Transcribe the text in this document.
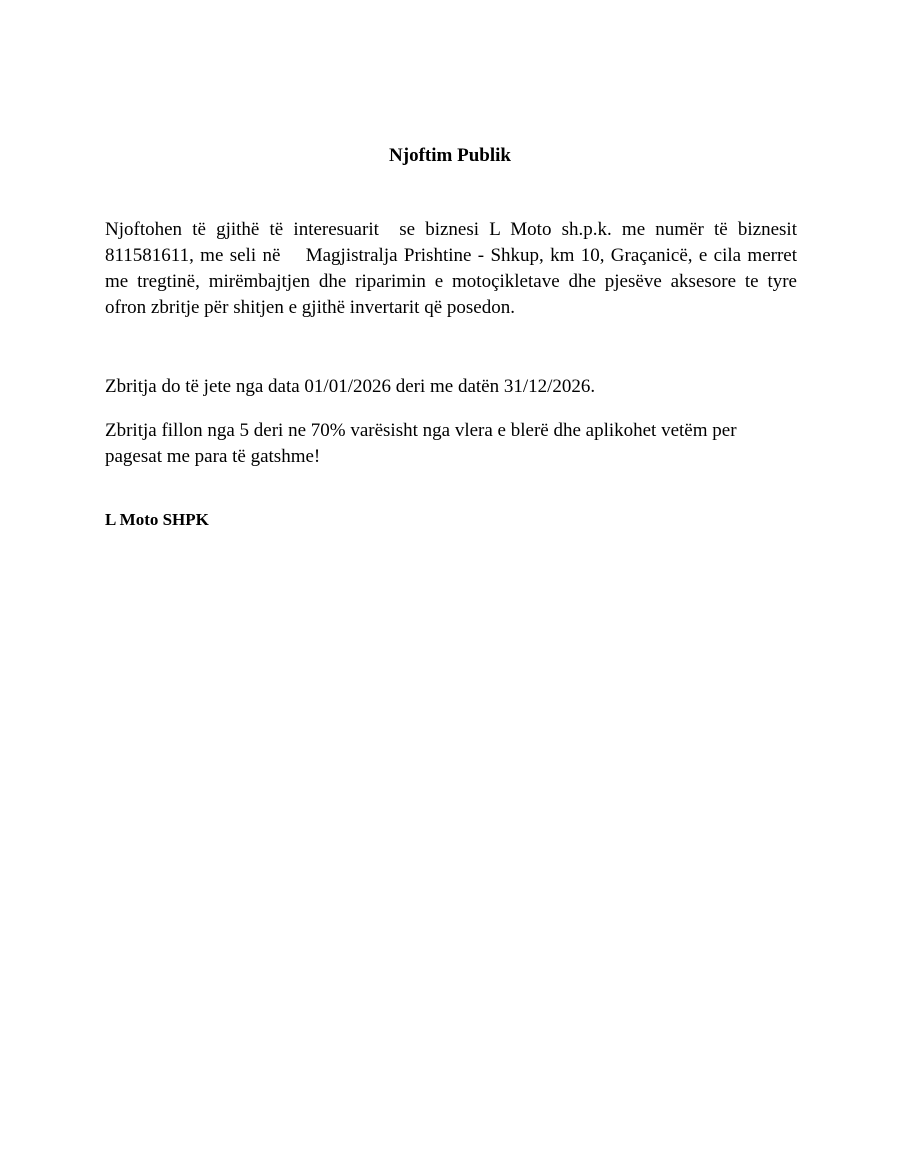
Njoftim Publik

Njoftohen të gjithë të interesuarit  se biznesi L Moto sh.p.k. me numër të biznesit 811581611, me seli në    Magjistralja Prishtine - Shkup, km 10, Graçanicë, e cila merret me tregtinë, mirëmbajtjen dhe riparimin e motoçikletave dhe pjesëve aksesore te tyre ofron zbritje për shitjen e gjithë invertarit që posedon.

Zbritja do të jete nga data 01/01/2026 deri me datën 31/12/2026.

Zbritja fillon nga 5 deri ne 70% varësisht nga vlera e blerë dhe aplikohet vetëm per pagesat me para të gatshme!

L Moto SHPK
